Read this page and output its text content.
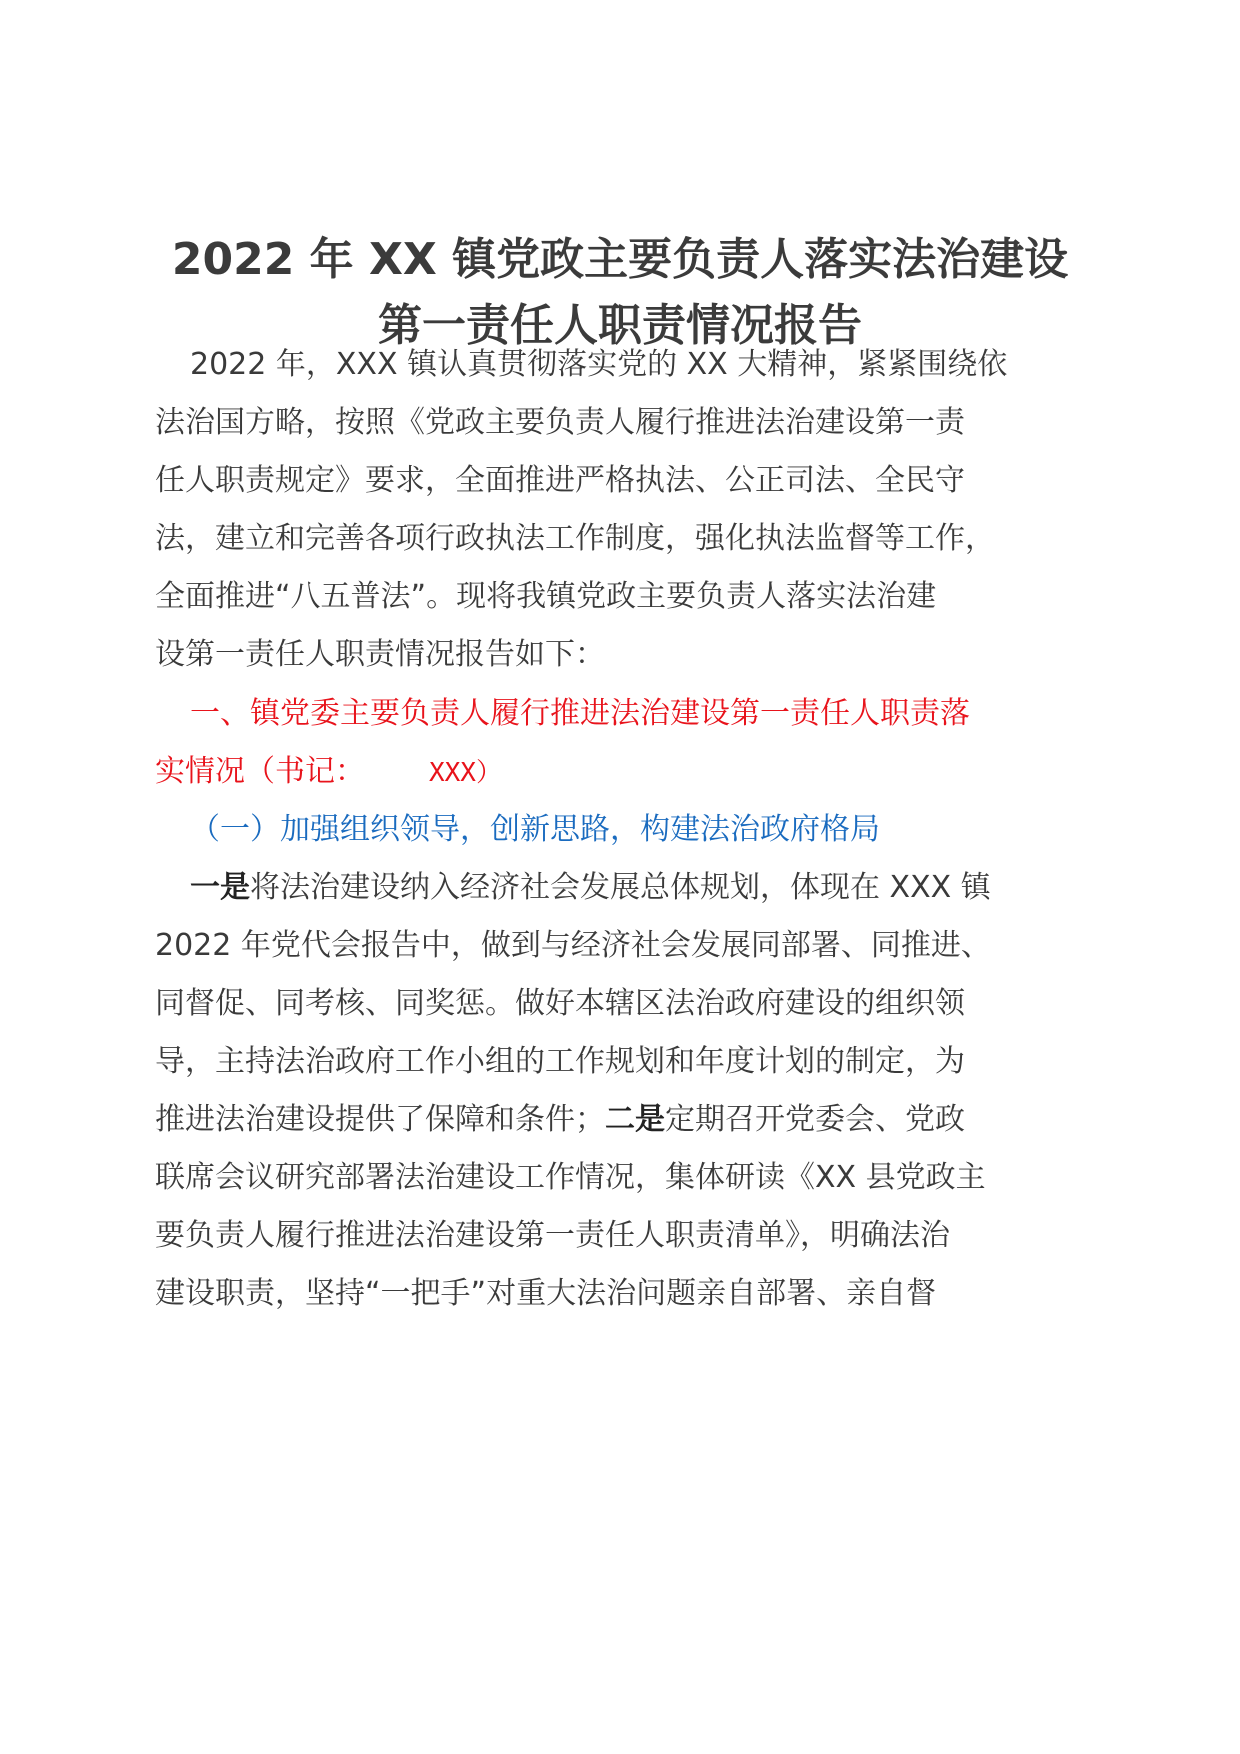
2022 年 XX 镇党政主要负责人落实法治建设
第一责任人职责情况报告

2022 年，XXX 镇认真贯彻落实党的 XX 大精神，紧紧围绕依

法治国方略，按照《党政主要负责人履行推进法治建设第一责

任人职责规定》要求，全面推进严格执法、公正司法、全民守

法，建立和完善各项行政执法工作制度，强化执法监督等工作，

全面推进“八五普法”。现将我镇党政主要负责人落实法治建

设第一责任人职责情况报告如下：

一、镇党委主要负责人履行推进法治建设第一责任人职责落

实情况（书记： XXX）

（一）加强组织领导，创新思路，构建法治政府格局

一是将法治建设纳入经济社会发展总体规划，体现在 XXX 镇

2022 年党代会报告中，做到与经济社会发展同部署、同推进、

同督促、同考核、同奖惩。做好本辖区法治政府建设的组织领

导，主持法治政府工作小组的工作规划和年度计划的制定，为

推进法治建设提供了保障和条件；二是定期召开党委会、党政

联席会议研究部署法治建设工作情况，集体研读《XX 县党政主

要负责人履行推进法治建设第一责任人职责清单》，明确法治

建设职责，坚持“一把手”对重大法治问题亲自部署、亲自督
